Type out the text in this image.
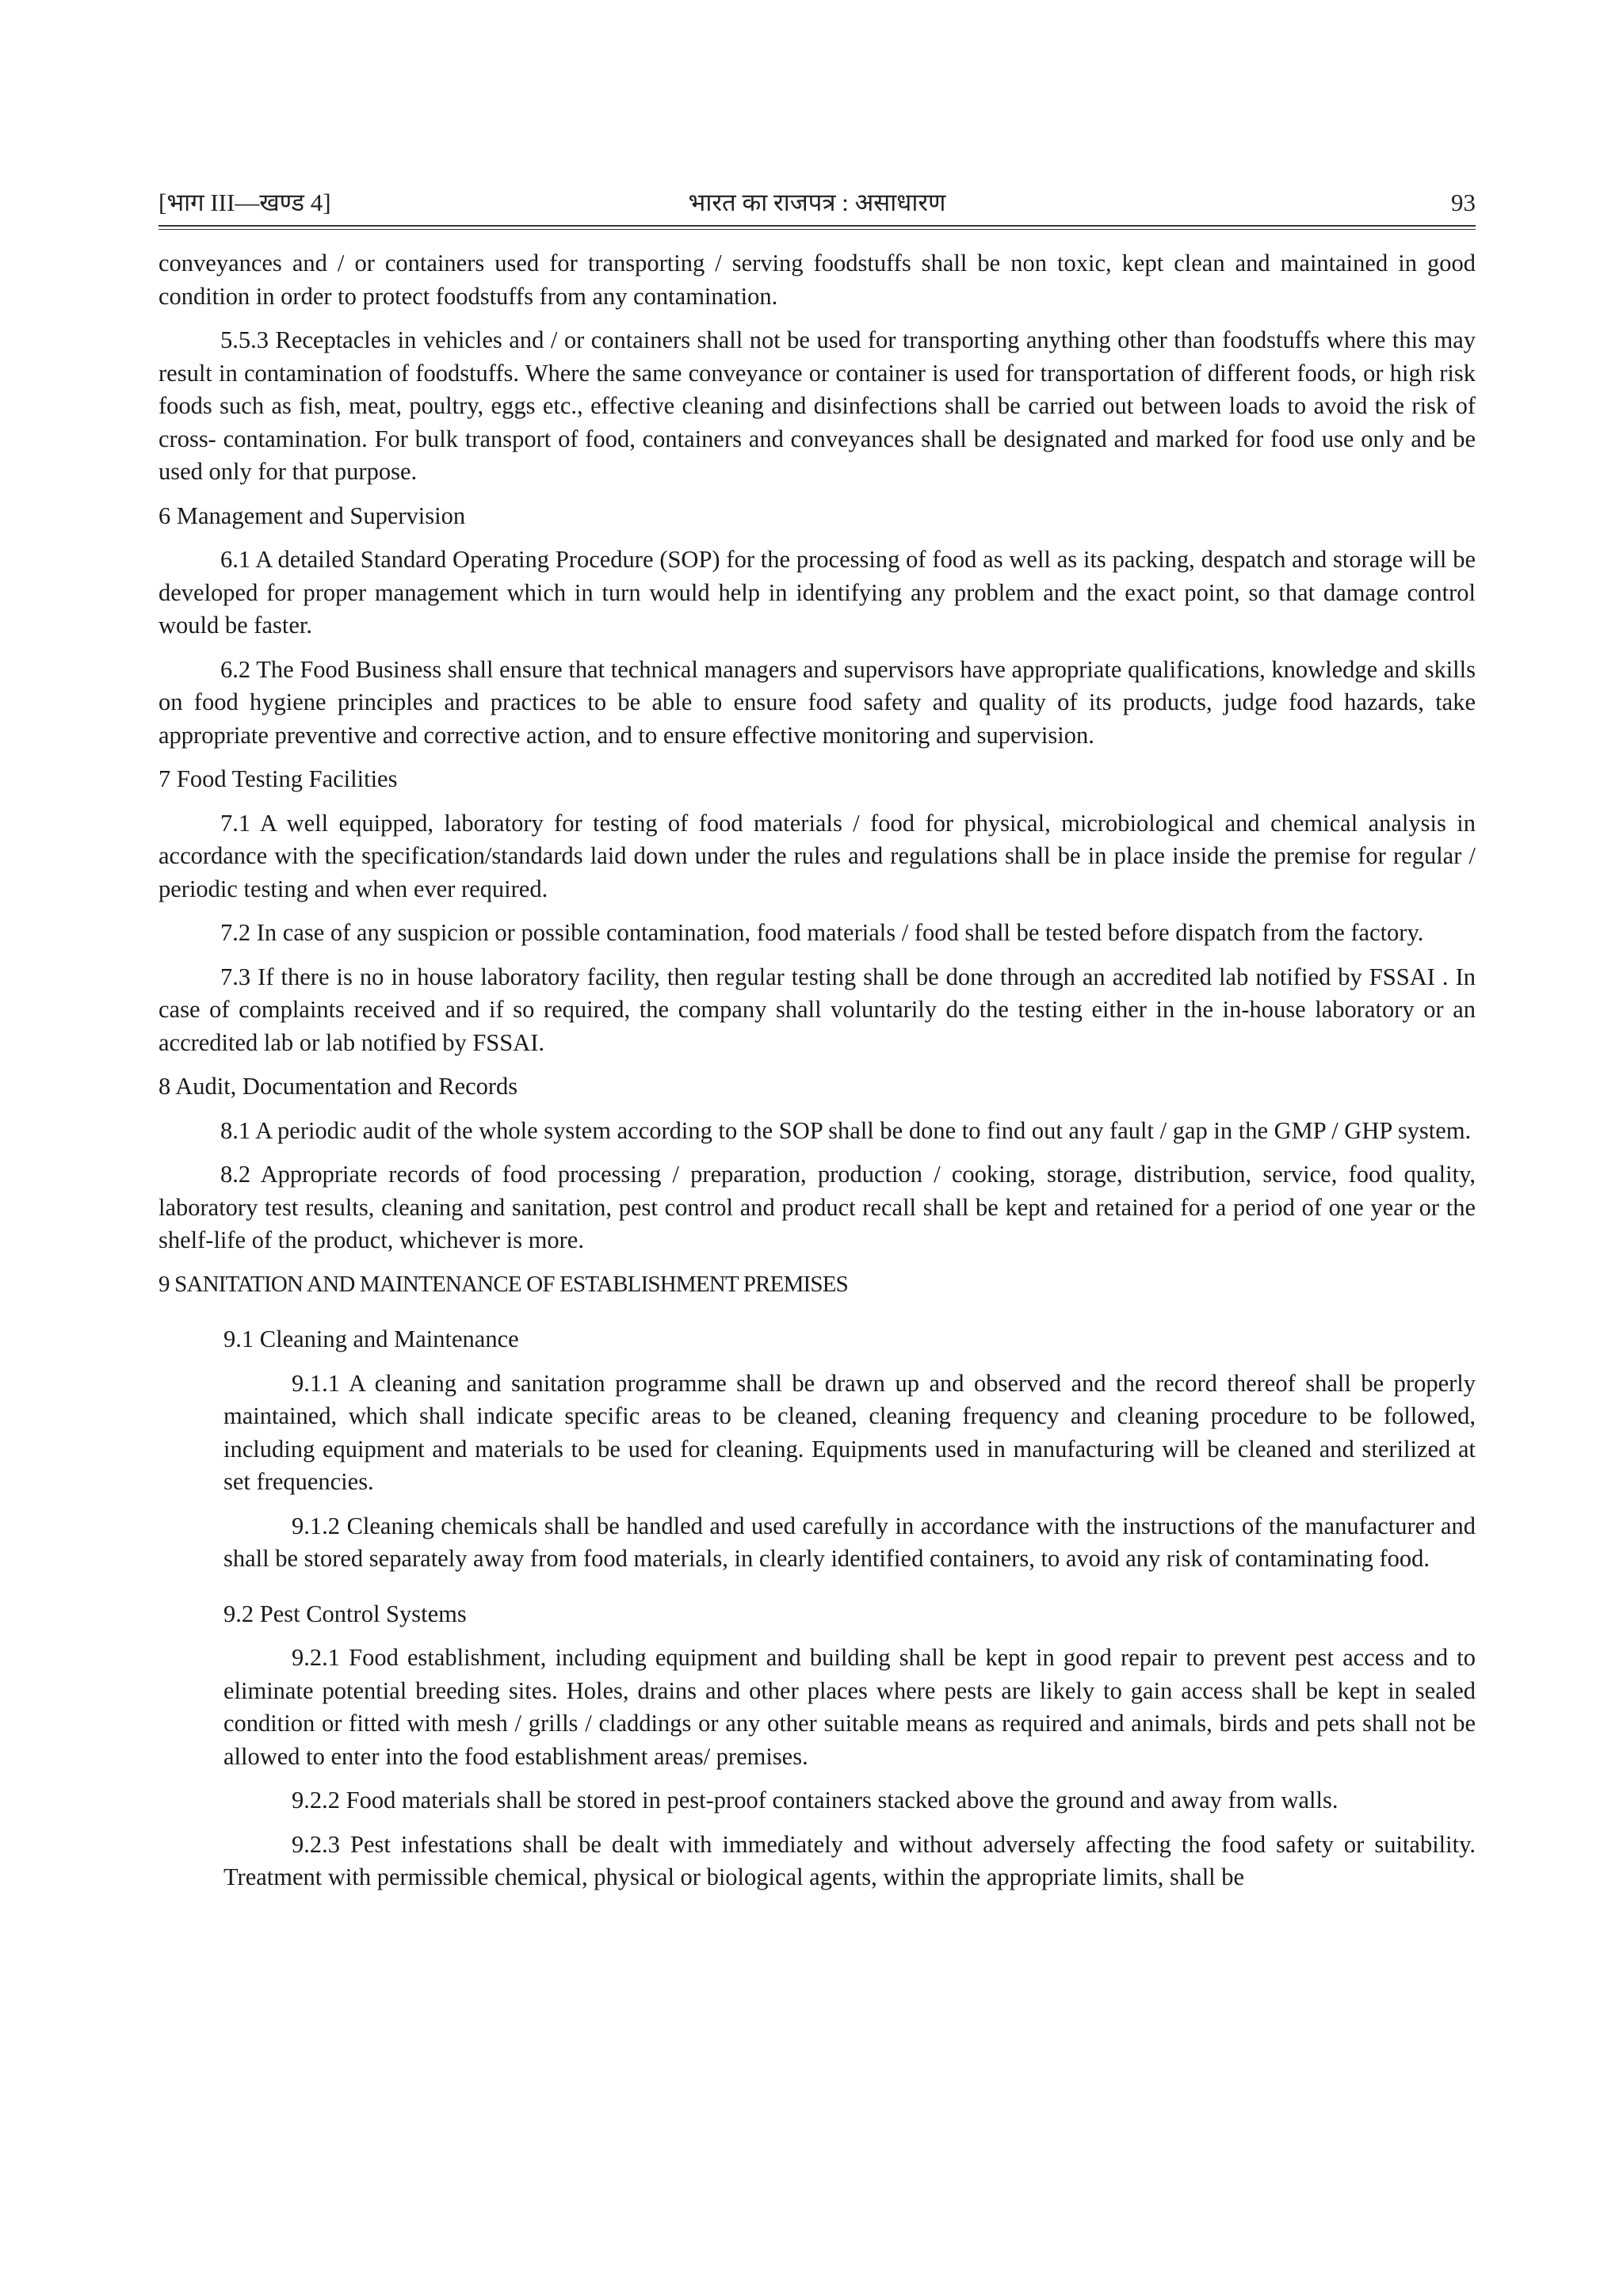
[भाग III—खण्ड 4]	भारत का राजपत्र : असाधारण	93

conveyances and / or containers used for transporting / serving foodstuffs shall be non toxic, kept clean and maintained in good condition in order to protect foodstuffs from any contamination.

5.5.3 Receptacles in vehicles and / or containers shall not be used for transporting anything other than foodstuffs where this may result in contamination of foodstuffs. Where the same conveyance or container is used for transportation of different foods, or high risk foods such as fish, meat, poultry, eggs etc., effective cleaning and disinfections shall be carried out between loads to avoid the risk of cross- contamination. For bulk transport of food, containers and conveyances shall be designated and marked for food use only and be used only for that purpose.

6 Management and Supervision

6.1 A detailed Standard Operating Procedure (SOP) for the processing of food as well as its packing, despatch and storage will be developed for proper management which in turn would help in identifying any problem and the exact point, so that damage control would be faster.

6.2 The Food Business shall ensure that technical managers and supervisors have appropriate qualifications, knowledge and skills on food hygiene principles and practices to be able to ensure food safety and quality of its products, judge food hazards, take appropriate preventive and corrective action, and to ensure effective monitoring and supervision.

7 Food Testing Facilities

7.1 A well equipped, laboratory for testing of food materials / food for physical, microbiological and chemical analysis in accordance with the specification/standards laid down under the rules and regulations shall be in place inside the premise for regular / periodic testing and when ever required.

7.2 In case of any suspicion or possible contamination, food materials / food shall be tested before dispatch from the factory.

7.3 If there is no in house laboratory facility, then regular testing shall be done through an accredited lab notified by FSSAI . In case of complaints received and if so required, the company shall voluntarily do the testing either in the in-house laboratory or an accredited lab or lab notified by FSSAI.

8 Audit, Documentation and Records

8.1 A periodic audit of the whole system according to the SOP shall be done to find out any fault / gap in the GMP / GHP system.

8.2 Appropriate records of food processing / preparation, production / cooking, storage, distribution, service, food quality, laboratory test results, cleaning and sanitation, pest control and product recall shall be kept and retained for a period of one year or the shelf-life of the product, whichever is more.

9 SANITATION AND MAINTENANCE OF ESTABLISHMENT PREMISES

9.1 Cleaning and Maintenance

9.1.1 A cleaning and sanitation programme shall be drawn up and observed and the record thereof shall be properly maintained, which shall indicate specific areas to be cleaned, cleaning frequency and cleaning procedure to be followed, including equipment and materials to be used for cleaning. Equipments used in manufacturing will be cleaned and sterilized at set frequencies.

9.1.2 Cleaning chemicals shall be handled and used carefully in accordance with the instructions of the manufacturer and shall be stored separately away from food materials, in clearly identified containers, to avoid any risk of contaminating food.

9.2 Pest Control Systems

9.2.1 Food establishment, including equipment and building shall be kept in good repair to prevent pest access and to eliminate potential breeding sites. Holes, drains and other places where pests are likely to gain access shall be kept in sealed condition or fitted with mesh / grills / claddings or any other suitable means as required and animals, birds and pets shall not be allowed to enter into the food establishment areas/ premises.

9.2.2 Food materials shall be stored in pest-proof containers stacked above the ground and away from walls.

9.2.3 Pest infestations shall be dealt with immediately and without adversely affecting the food safety or suitability. Treatment with permissible chemical, physical or biological agents, within the appropriate limits, shall be
